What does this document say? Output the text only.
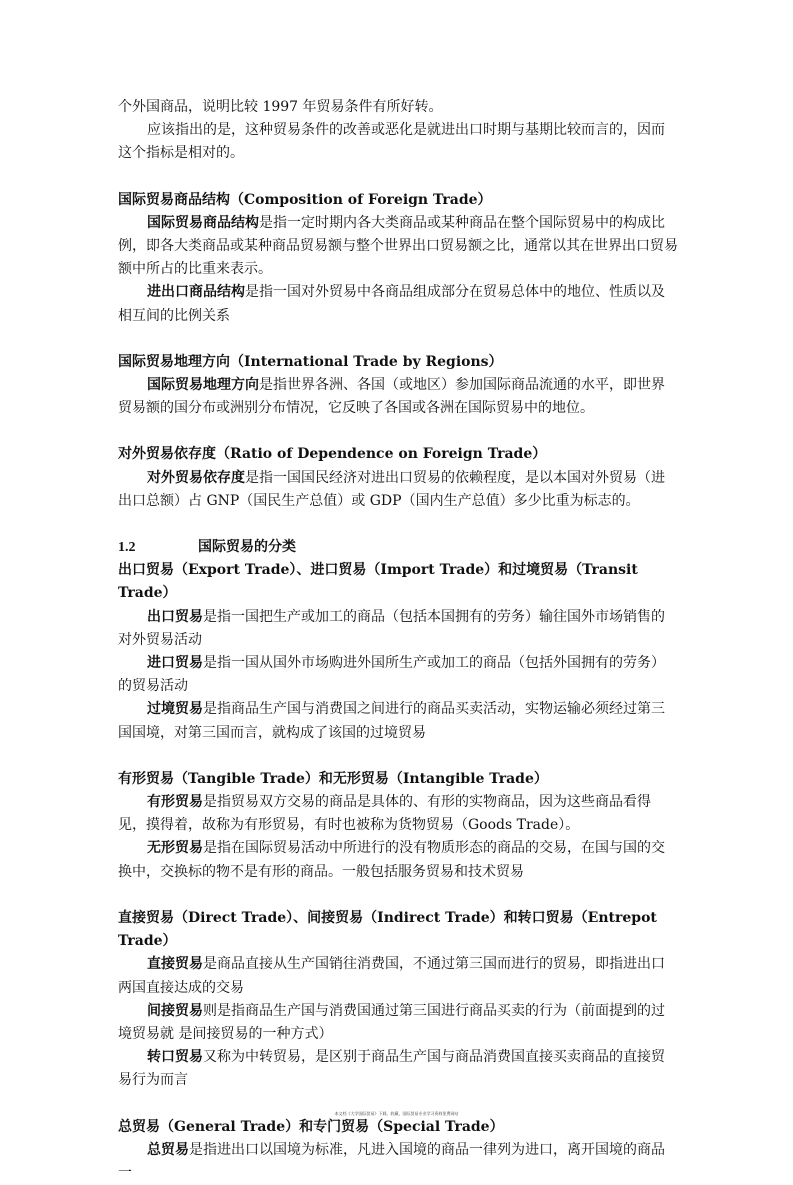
个外国商品，说明比较 1997 年贸易条件有所好转。

应该指出的是，这种贸易条件的改善或恶化是就进出口时期与基期比较而言的，因而这个指标是相对的。

国际贸易商品结构（Composition of Foreign Trade）

国际贸易商品结构是指一定时期内各大类商品或某种商品在整个国际贸易中的构成比例，即各大类商品或某种商品贸易额与整个世界出口贸易额之比，通常以其在世界出口贸易额中所占的比重来表示。

进出口商品结构是指一国对外贸易中各商品组成部分在贸易总体中的地位、性质以及相互间的比例关系

国际贸易地理方向（International Trade by Regions）

国际贸易地理方向是指世界各洲、各国（或地区）参加国际商品流通的水平，即世界贸易额的国分布或洲别分布情况，它反映了各国或各洲在国际贸易中的地位。

对外贸易依存度（Ratio of Dependence on Foreign Trade）

对外贸易依存度是指一国国民经济对进出口贸易的依赖程度，是以本国对外贸易（进出口总额）占 GNP（国民生产总值）或 GDP（国内生产总值）多少比重为标志的。

1.2	国际贸易的分类

出口贸易（Export Trade）、进口贸易（Import Trade）和过境贸易（Transit Trade）

出口贸易是指一国把生产或加工的商品（包括本国拥有的劳务）输往国外市场销售的对外贸易活动

进口贸易是指一国从国外市场购进外国所生产或加工的商品（包括外国拥有的劳务）的贸易活动

过境贸易是指商品生产国与消费国之间进行的商品买卖活动，实物运输必须经过第三国国境，对第三国而言，就构成了该国的过境贸易

有形贸易（Tangible Trade）和无形贸易（Intangible Trade）

有形贸易是指贸易双方交易的商品是具体的、有形的实物商品，因为这些商品看得见，摸得着，故称为有形贸易，有时也被称为货物贸易（Goods Trade）。

无形贸易是指在国际贸易活动中所进行的没有物质形态的商品的交易，在国与国的交换中，交换标的物不是有形的商品。一般包括服务贸易和技术贸易

直接贸易（Direct Trade）、间接贸易（Indirect Trade）和转口贸易（Entrepot Trade）

直接贸易是商品直接从生产国销往消费国，不通过第三国而进行的贸易，即指进出口两国直接达成的交易

间接贸易则是指商品生产国与消费国通过第三国进行商品买卖的行为（前面提到的过境贸易就 是间接贸易的一种方式）

转口贸易又称为中转贸易，是区别于商品生产国与商品消费国直接买卖商品的直接贸易行为而言

总贸易（General Trade）和专门贸易（Special Trade）

总贸易是指进出口以国境为标准，凡进入国境的商品一律列为进口，离开国境的商品一

本文档《大学国际贸易》下载、收藏，国际贸易专业学习资料免费网站
